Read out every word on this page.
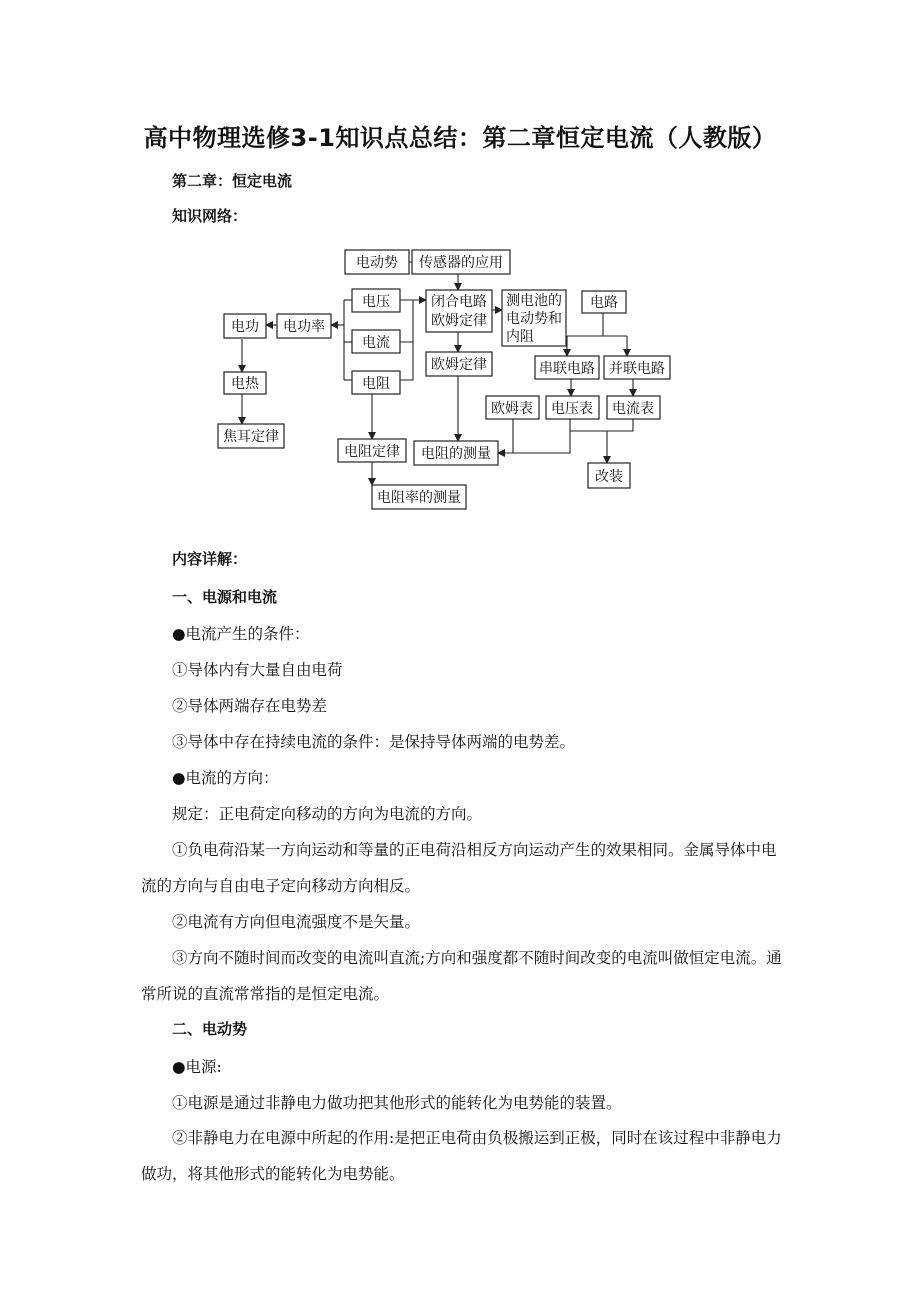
高中物理选修3-1知识点总结：第二章恒定电流（人教版）
第二章：恒定电流
知识网络：
电动势 传感器的应用
电压	闭合电路
欧姆定律
测电池的
电动势和
内阻
电路
电功 电功率
电流
串联电路 并联电路
欧姆定律
电热	电阻
欧姆表 电压表 电流表
焦耳定律
电阻定律 电阻的测量
改装
电阻率的测量
内容详解：
一、电源和电流
●电流产生的条件：
①导体内有大量自由电荷
②导体两端存在电势差
③导体中存在持续电流的条件：是保持导体两端的电势差。
●电流的方向：
规定：正电荷定向移动的方向为电流的方向。
①负电荷沿某一方向运动和等量的正电荷沿相反方向运动产生的效果相同。金属导体中电流的方向与自由电子定向移动方向相反。
②电流有方向但电流强度不是矢量。
③方向不随时间而改变的电流叫直流;方向和强度都不随时间改变的电流叫做恒定电流。通常所说的直流常常指的是恒定电流。
二、电动势
●电源:
①电源是通过非静电力做功把其他形式的能转化为电势能的装置。
②非静电力在电源中所起的作用:是把正电荷由负极搬运到正极，同时在该过程中非静电力做功，将其他形式的能转化为电势能。
